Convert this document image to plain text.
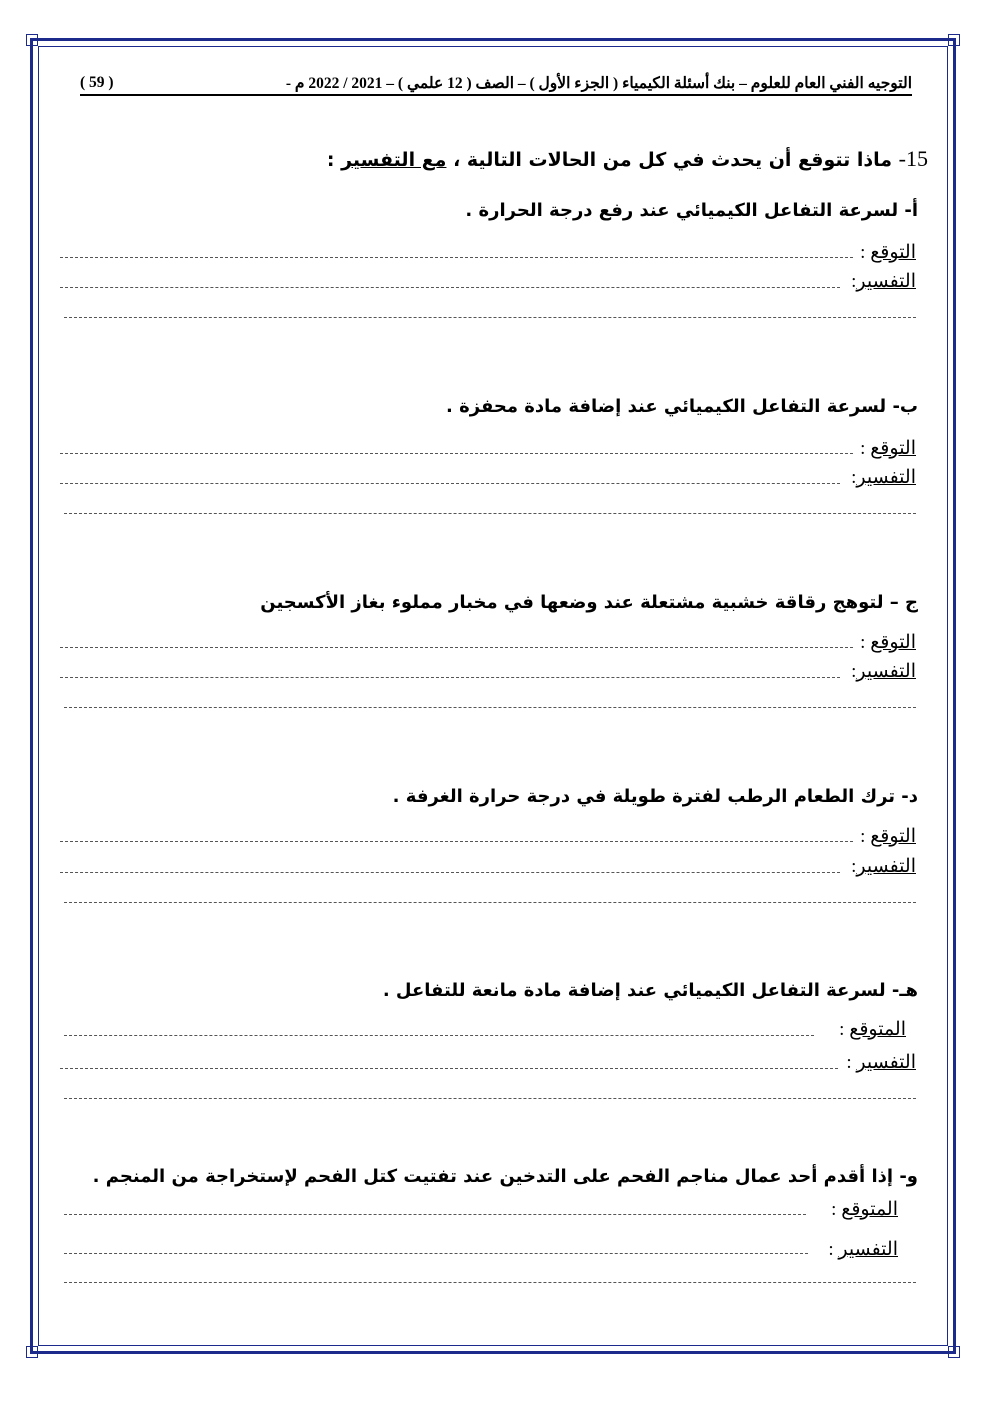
التوجيه الفني العام للعلوم – بنك أسئلة الكيمياء ( الجزء الأول ) – الصف ( 12 علمي ) – 2021 / 2022 م -
( 59 )
15- ماذا تتوقع أن يحدث في كل من الحالات التالية ، مع التفسير :
أ- لسرعة التفاعل الكيميائي عند رفع درجة الحرارة .
التوقع :
التفسير:
ب- لسرعة التفاعل الكيميائي عند إضافة مادة محفزة .
التوقع :
التفسير:
ج – لتوهج رقاقة خشبية مشتعلة عند وضعها في مخبار مملوء بغاز الأكسجين
التوقع :
التفسير:
د- ترك الطعام الرطب لفترة طويلة في درجة حرارة الغرفة .
التوقع :
التفسير:
هـ- لسرعة التفاعل الكيميائي عند إضافة مادة مانعة للتفاعل .
المتوقع :
التفسير :
و- إذا أقدم أحد عمال مناجم الفحم على التدخين عند تفتيت كتل الفحم لإستخراجة من المنجم .
المتوقع :
التفسير :
